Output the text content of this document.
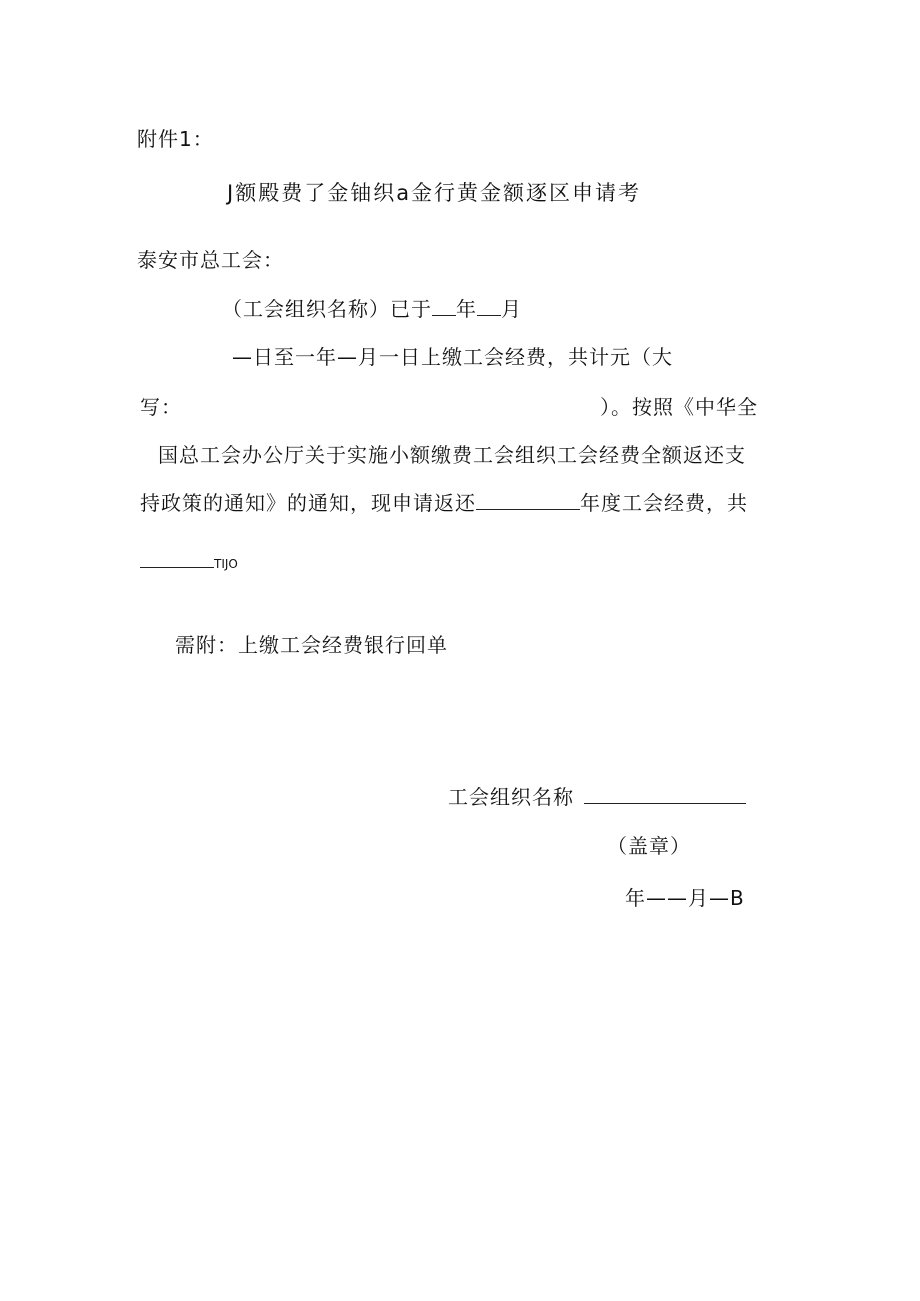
附件1：
J额殿费了金铀织a金行黄金额逐区申请考
泰安市总工会：
（工会组织名称）已于 年 月
—日至一年—月一日上缴工会经费，共计元（大
写：	）。按照《中华全
国总工会办公厅关于实施小额缴费工会组织工会经费全额返还支
持政策的通知》的通知，现申请返还	年度工会经费，共
TIJO
需附：上缴工会经费银行回单
工会组织名称
（盖章）
年——月—B
